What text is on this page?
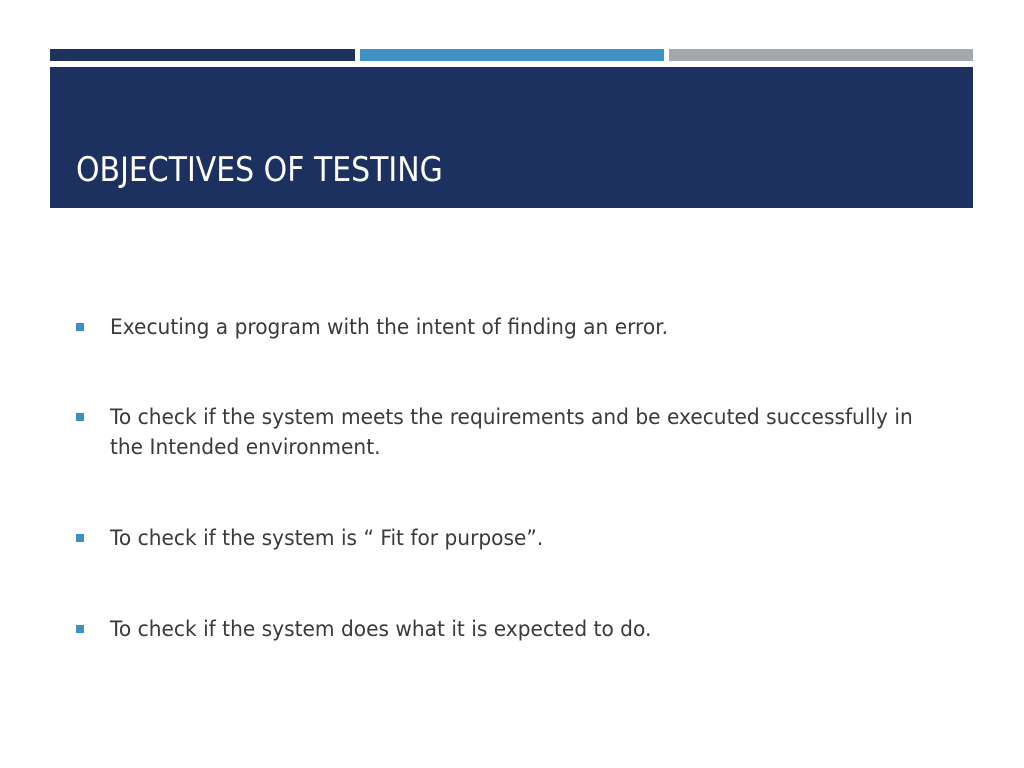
OBJECTIVES OF TESTING
Executing a program with the intent of finding an error.
To check if the system meets the requirements and be executed successfully in the Intended environment.
To check if the system is “ Fit for purpose”.
To check if the system does what it is expected to do.
